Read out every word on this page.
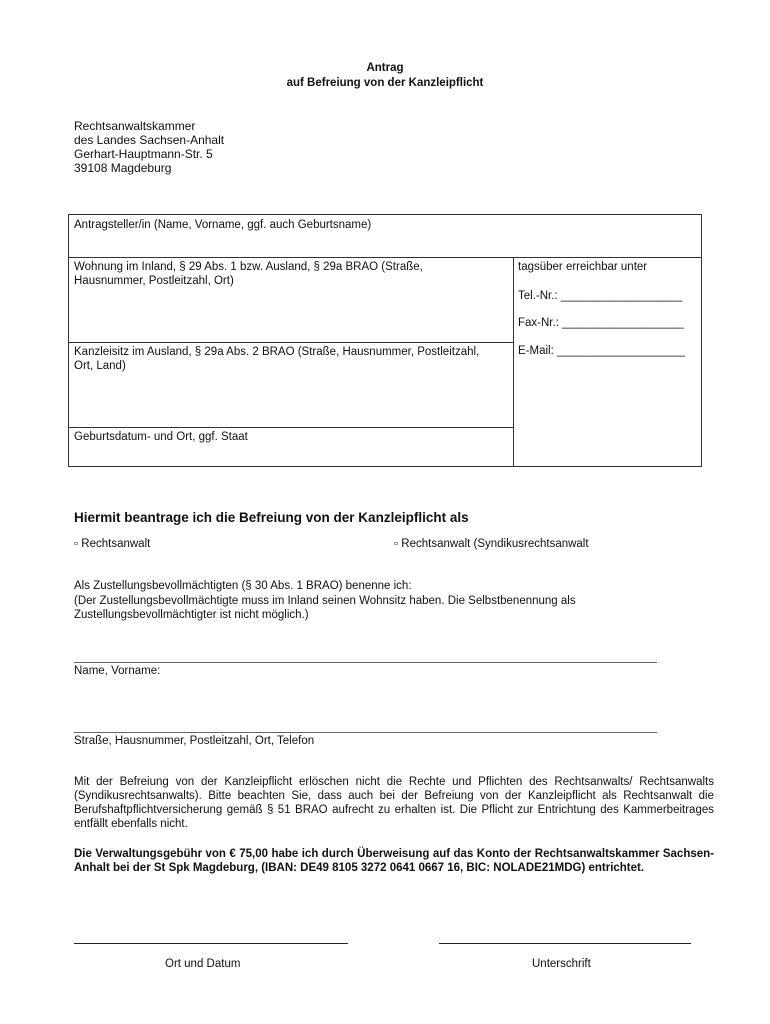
Antrag
auf Befreiung von der Kanzleipflicht
Rechtsanwaltskammer
des Landes Sachsen-Anhalt
Gerhart-Hauptmann-Str. 5
39108 Magdeburg
Antragsteller/in (Name, Vorname, ggf. auch Geburtsname)
Wohnung im Inland, § 29 Abs. 1 bzw. Ausland, § 29a BRAO (Straße, Hausnummer, Postleitzahl, Ort)
tagsüber erreichbar unter
Tel.-Nr.: ___________________
Fax-Nr.: ___________________
E-Mail: ____________________
Kanzleisitz im Ausland, § 29a Abs. 2 BRAO (Straße, Hausnummer, Postleitzahl, Ort, Land)
Geburtsdatum- und Ort, ggf. Staat
Hiermit beantrage ich die Befreiung von der Kanzleipflicht als
▫ Rechtsanwalt	▫ Rechtsanwalt (Syndikusrechtsanwalt
Als Zustellungsbevollmächtigten (§ 30 Abs. 1 BRAO) benenne ich:
(Der Zustellungsbevollmächtigte muss im Inland seinen Wohnsitz haben. Die Selbstbenennung als
Zustellungsbevollmächtigter ist nicht möglich.)
Name, Vorname:
Straße, Hausnummer, Postleitzahl, Ort, Telefon
Mit der Befreiung von der Kanzleipflicht erlöschen nicht die Rechte und Pflichten des Rechtsanwalts/ Rechtsanwalts (Syndikusrechtsanwalts). Bitte beachten Sie, dass auch bei der Befreiung von der Kanzleipflicht als Rechtsanwalt die Berufshaftpflichtversicherung gemäß § 51 BRAO aufrecht zu erhalten ist. Die Pflicht zur Entrichtung des Kammerbeitrages entfällt ebenfalls nicht.
Die Verwaltungsgebühr von € 75,00 habe ich durch Überweisung auf das Konto der Rechtsanwaltskammer Sachsen-Anhalt bei der St Spk Magdeburg, (IBAN: DE49 8105 3272 0641 0667 16, BIC: NOLADE21MDG) entrichtet.
Ort und Datum	Unterschrift
